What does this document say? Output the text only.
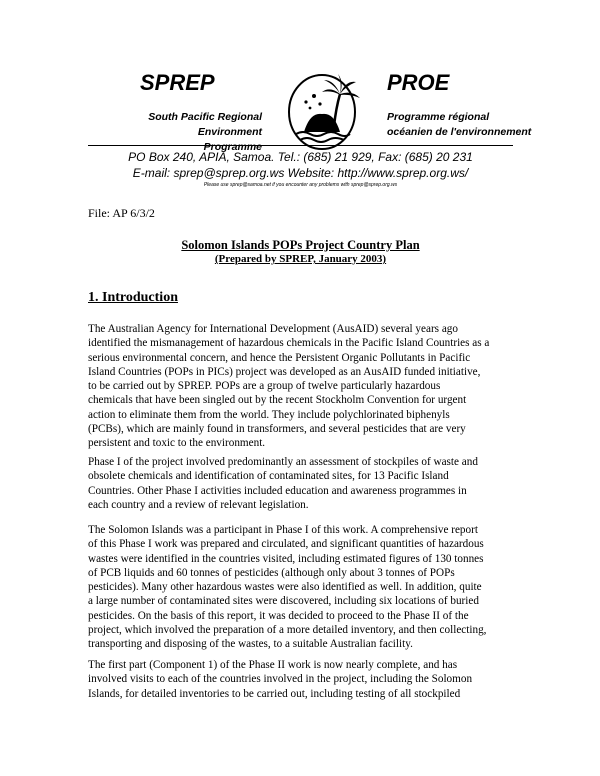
SPREP	PROE
South Pacific Regional
Environment Programme
Programme régional
océanien de l'environnement
PO Box 240, APIA, Samoa. Tel.: (685) 21 929, Fax: (685) 20 231
E-mail: sprep@sprep.org.ws Website: http://www.sprep.org.ws/
Please use sprep@samoa.net if you encounter any problems with sprep@sprep.org.ws
File: AP 6/3/2
Solomon Islands POPs Project Country Plan
(Prepared by SPREP, January 2003)
1. Introduction
The Australian Agency for International Development (AusAID) several years ago
identified the mismanagement of hazardous chemicals in the Pacific Island Countries as a
serious environmental concern, and hence the Persistent Organic Pollutants in Pacific
Island Countries (POPs in PICs) project was developed as an AusAID funded initiative,
to be carried out by SPREP. POPs are a group of twelve particularly hazardous
chemicals that have been singled out by the recent Stockholm Convention for urgent
action to eliminate them from the world. They include polychlorinated biphenyls
(PCBs), which are mainly found in transformers, and several pesticides that are very
persistent and toxic to the environment.
Phase I of the project involved predominantly an assessment of stockpiles of waste and
obsolete chemicals and identification of contaminated sites, for 13 Pacific Island
Countries. Other Phase I activities included education and awareness programmes in
each country and a review of relevant legislation.
The Solomon Islands was a participant in Phase I of this work. A comprehensive report
of this Phase I work was prepared and circulated, and significant quantities of hazardous
wastes were identified in the countries visited, including estimated figures of 130 tonnes
of PCB liquids and 60 tonnes of pesticides (although only about 3 tonnes of POPs
pesticides). Many other hazardous wastes were also identified as well. In addition, quite
a large number of contaminated sites were discovered, including six locations of buried
pesticides. On the basis of this report, it was decided to proceed to the Phase II of the
project, which involved the preparation of a more detailed inventory, and then collecting,
transporting and disposing of the wastes, to a suitable Australian facility.
The first part (Component 1) of the Phase II work is now nearly complete, and has
involved visits to each of the countries involved in the project, including the Solomon
Islands, for detailed inventories to be carried out, including testing of all stockpiled
